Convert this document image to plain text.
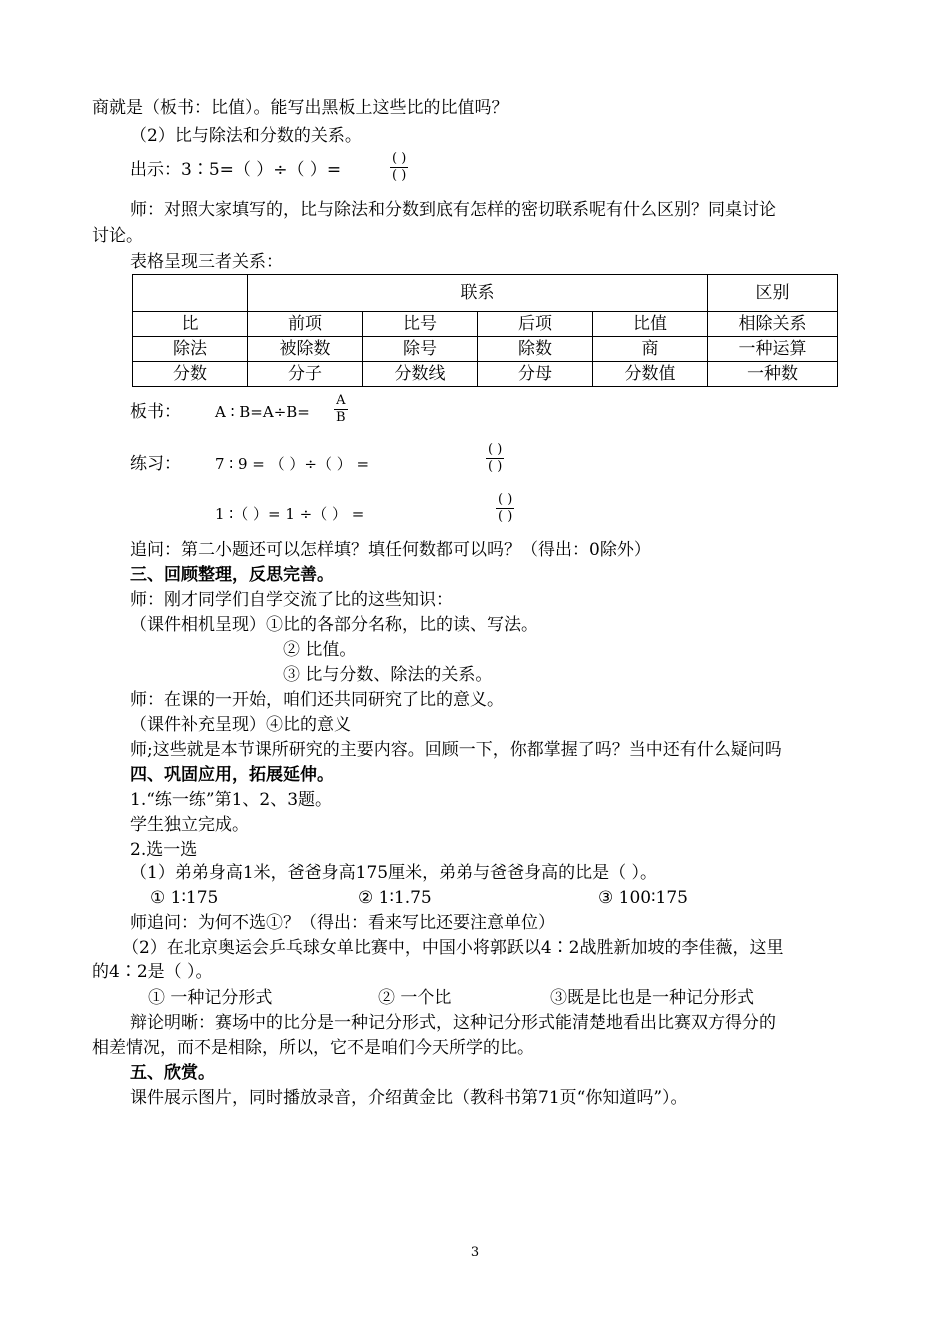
商就是（板书：比值）。能写出黑板上这些比的比值吗？
（2）比与除法和分数的关系。
出示：3∶5=（ ）÷（ ）=
( )
( )
师：对照大家填写的，比与除法和分数到底有怎样的密切联系呢有什么区别？同桌讨论
讨论。
表格呈现三者关系：
	联系				区别
比	前项	比号	后项	比值	相除关系
除法	被除数	除号	除数	商	一种运算
分数	分子	分数线	分母	分数值	一种数
板书： A ∶ $B=A\div B= \frac{A}{B}$
练习： 7 ∶ 9 = （ ）÷（ ） =
( )
( )
1 ∶（ ）= 1 ÷（ ） =
( )
( )
追问：第二小题还可以怎样填？填任何数都可以吗？（得出：0除外）
三、回顾整理，反思完善。
师：刚才同学们自学交流了比的这些知识：
（课件相机呈现）①比的各部分名称，比的读、写法。
② 比值。
③ 比与分数、除法的关系。
师：在课的一开始，咱们还共同研究了比的意义。
（课件补充呈现）④比的意义
师;这些就是本节课所研究的主要内容。回顾一下，你都掌握了吗？当中还有什么疑问吗
四、巩固应用，拓展延伸。
1.“练一练”第1、2、3题。
学生独立完成。
2.选一选
（1）弟弟身高1米，爸爸身高175厘米，弟弟与爸爸身高的比是（ ）。
① 1∶175	② 1∶1.75	③ 100∶175
师追问：为何不选①？（得出：看来写比还要注意单位）
（2）在北京奥运会乒乓球女单比赛中，中国小将郭跃以4∶2战胜新加坡的李佳薇，这里
的4∶2是（ ）。
① 一种记分形式	② 一个比	③既是比也是一种记分形式
辩论明晰：赛场中的比分是一种记分形式，这种记分形式能清楚地看出比赛双方得分的
相差情况，而不是相除，所以，它不是咱们今天所学的比。
五、欣赏。
课件展示图片，同时播放录音，介绍黄金比（教科书第71页“你知道吗”）。
3
